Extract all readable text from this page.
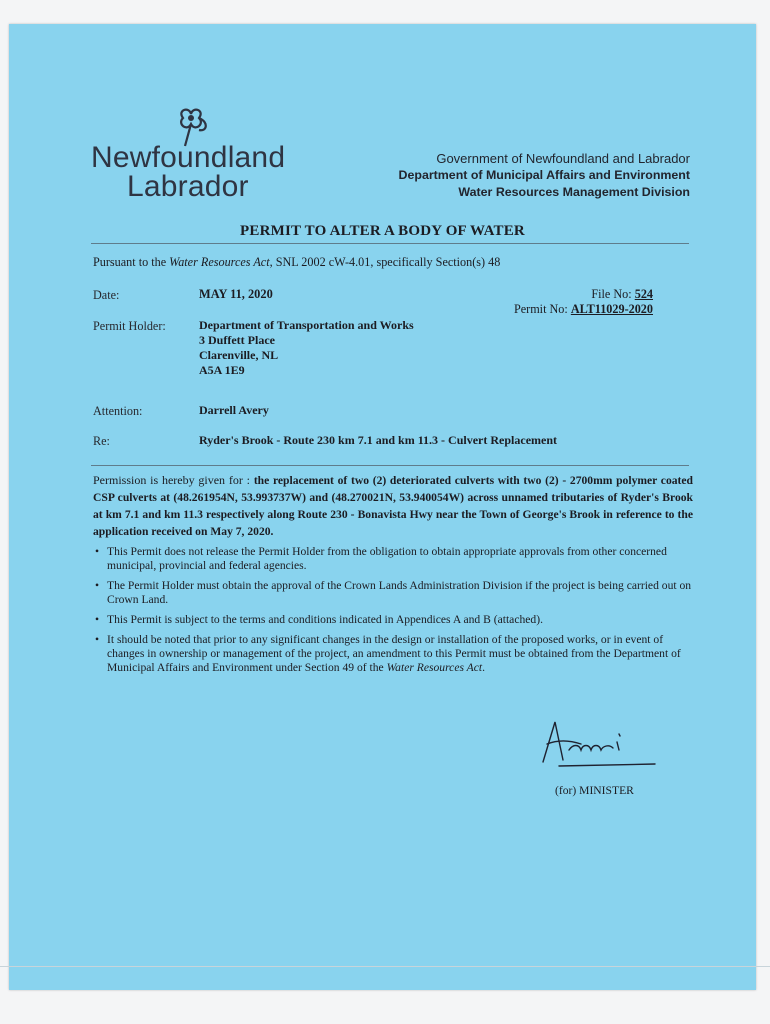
Newfoundland
Labrador
Government of Newfoundland and Labrador
Department of Municipal Affairs and Environment
Water Resources Management Division
PERMIT TO ALTER A BODY OF WATER
Pursuant to the Water Resources Act, SNL 2002 cW-4.01, specifically Section(s) 48
File No: 524
Permit No: ALT11029-2020
Date:	MAY 11, 2020
Permit Holder:	Department of Transportation and Works
3 Duffett Place
Clarenville, NL
A5A 1E9
Attention:	Darrell Avery
Re:	Ryder's Brook - Route 230 km 7.1 and km 11.3 - Culvert Replacement
Permission is hereby given for : the replacement of two (2) deteriorated culverts with two (2) - 2700mm polymer coated CSP culverts at (48.261954N, 53.993737W) and (48.270021N, 53.940054W) across unnamed tributaries of Ryder's Brook at km 7.1 and km 11.3 respectively along Route 230 - Bonavista Hwy near the Town of George's Brook in reference to the application received on May 7, 2020.
• This Permit does not release the Permit Holder from the obligation to obtain appropriate approvals from other concerned municipal, provincial and federal agencies.
• The Permit Holder must obtain the approval of the Crown Lands Administration Division if the project is being carried out on Crown Land.
• This Permit is subject to the terms and conditions indicated in Appendices A and B (attached).
• It should be noted that prior to any significant changes in the design or installation of the proposed works, or in event of changes in ownership or management of the project, an amendment to this Permit must be obtained from the Department of Municipal Affairs and Environment under Section 49 of the Water Resources Act.
(for) MINISTER
